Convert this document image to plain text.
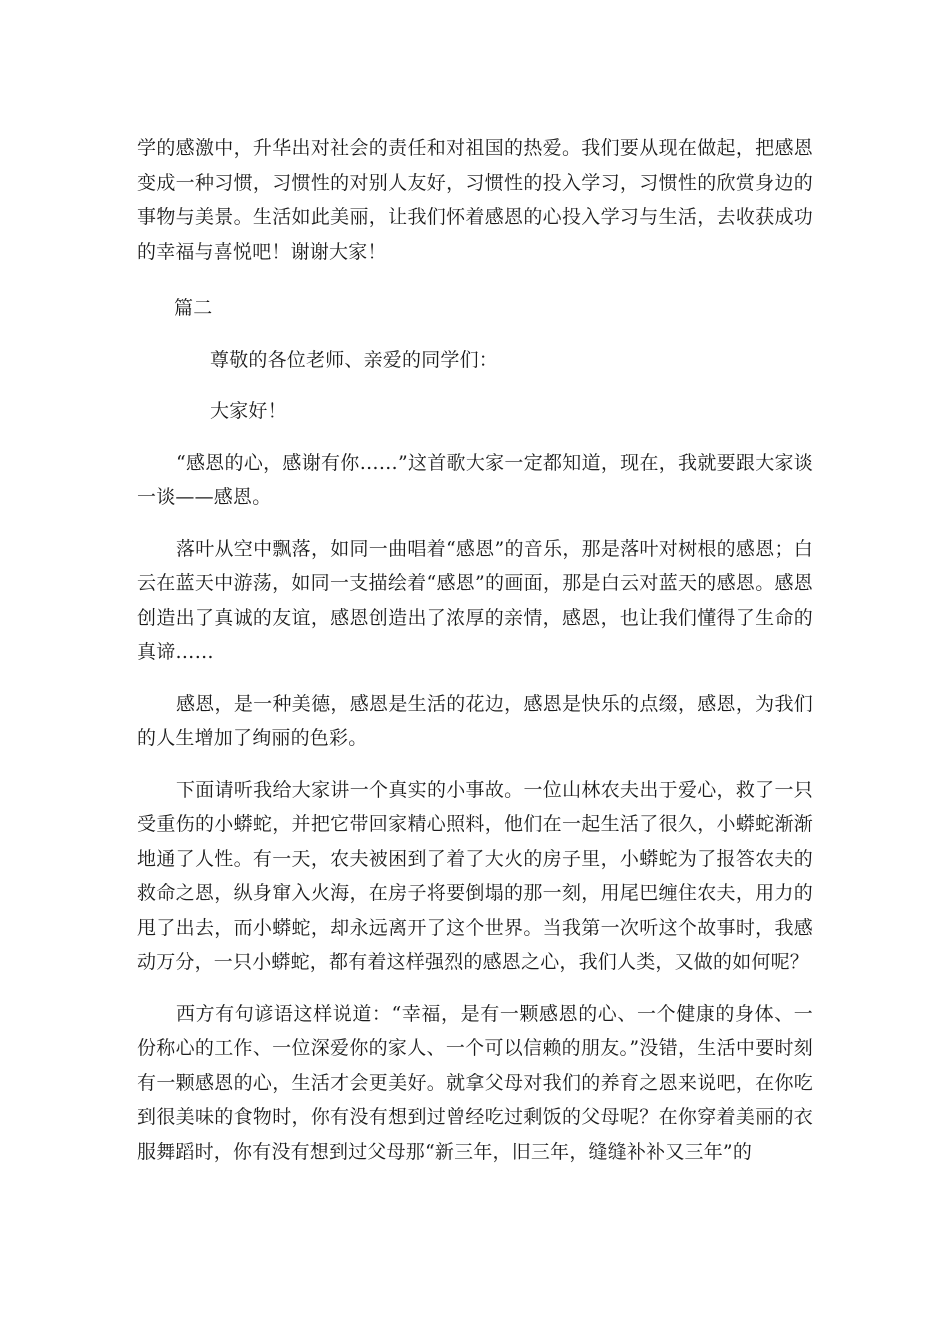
学的感激中，升华出对社会的责任和对祖国的热爱。我们要从现在做起，把感恩变成一种习惯，习惯性的对别人友好，习惯性的投入学习，习惯性的欣赏身边的事物与美景。生活如此美丽，让我们怀着感恩的心投入学习与生活，去收获成功的幸福与喜悦吧！谢谢大家！

篇二

尊敬的各位老师、亲爱的同学们：

大家好！

“感恩的心，感谢有你……”这首歌大家一定都知道，现在，我就要跟大家谈一谈——感恩。

落叶从空中飘落，如同一曲唱着“感恩”的音乐，那是落叶对树根的感恩；白云在蓝天中游荡，如同一支描绘着“感恩”的画面，那是白云对蓝天的感恩。感恩创造出了真诚的友谊，感恩创造出了浓厚的亲情，感恩，也让我们懂得了生命的真谛……

感恩，是一种美德，感恩是生活的花边，感恩是快乐的点缀，感恩，为我们的人生增加了绚丽的色彩。

下面请听我给大家讲一个真实的小事故。一位山林农夫出于爱心，救了一只受重伤的小蟒蛇，并把它带回家精心照料，他们在一起生活了很久，小蟒蛇渐渐地通了人性。有一天，农夫被困到了着了大火的房子里，小蟒蛇为了报答农夫的救命之恩，纵身窜入火海，在房子将要倒塌的那一刻，用尾巴缠住农夫，用力的甩了出去，而小蟒蛇，却永远离开了这个世界。当我第一次听这个故事时，我感动万分，一只小蟒蛇，都有着这样强烈的感恩之心，我们人类，又做的如何呢？

西方有句谚语这样说道：“幸福，是有一颗感恩的心、一个健康的身体、一份称心的工作、一位深爱你的家人、一个可以信赖的朋友。”没错，生活中要时刻有一颗感恩的心，生活才会更美好。就拿父母对我们的养育之恩来说吧，在你吃到很美味的食物时，你有没有想到过曾经吃过剩饭的父母呢？在你穿着美丽的衣服舞蹈时，你有没有想到过父母那“新三年，旧三年，缝缝补补又三年”的
